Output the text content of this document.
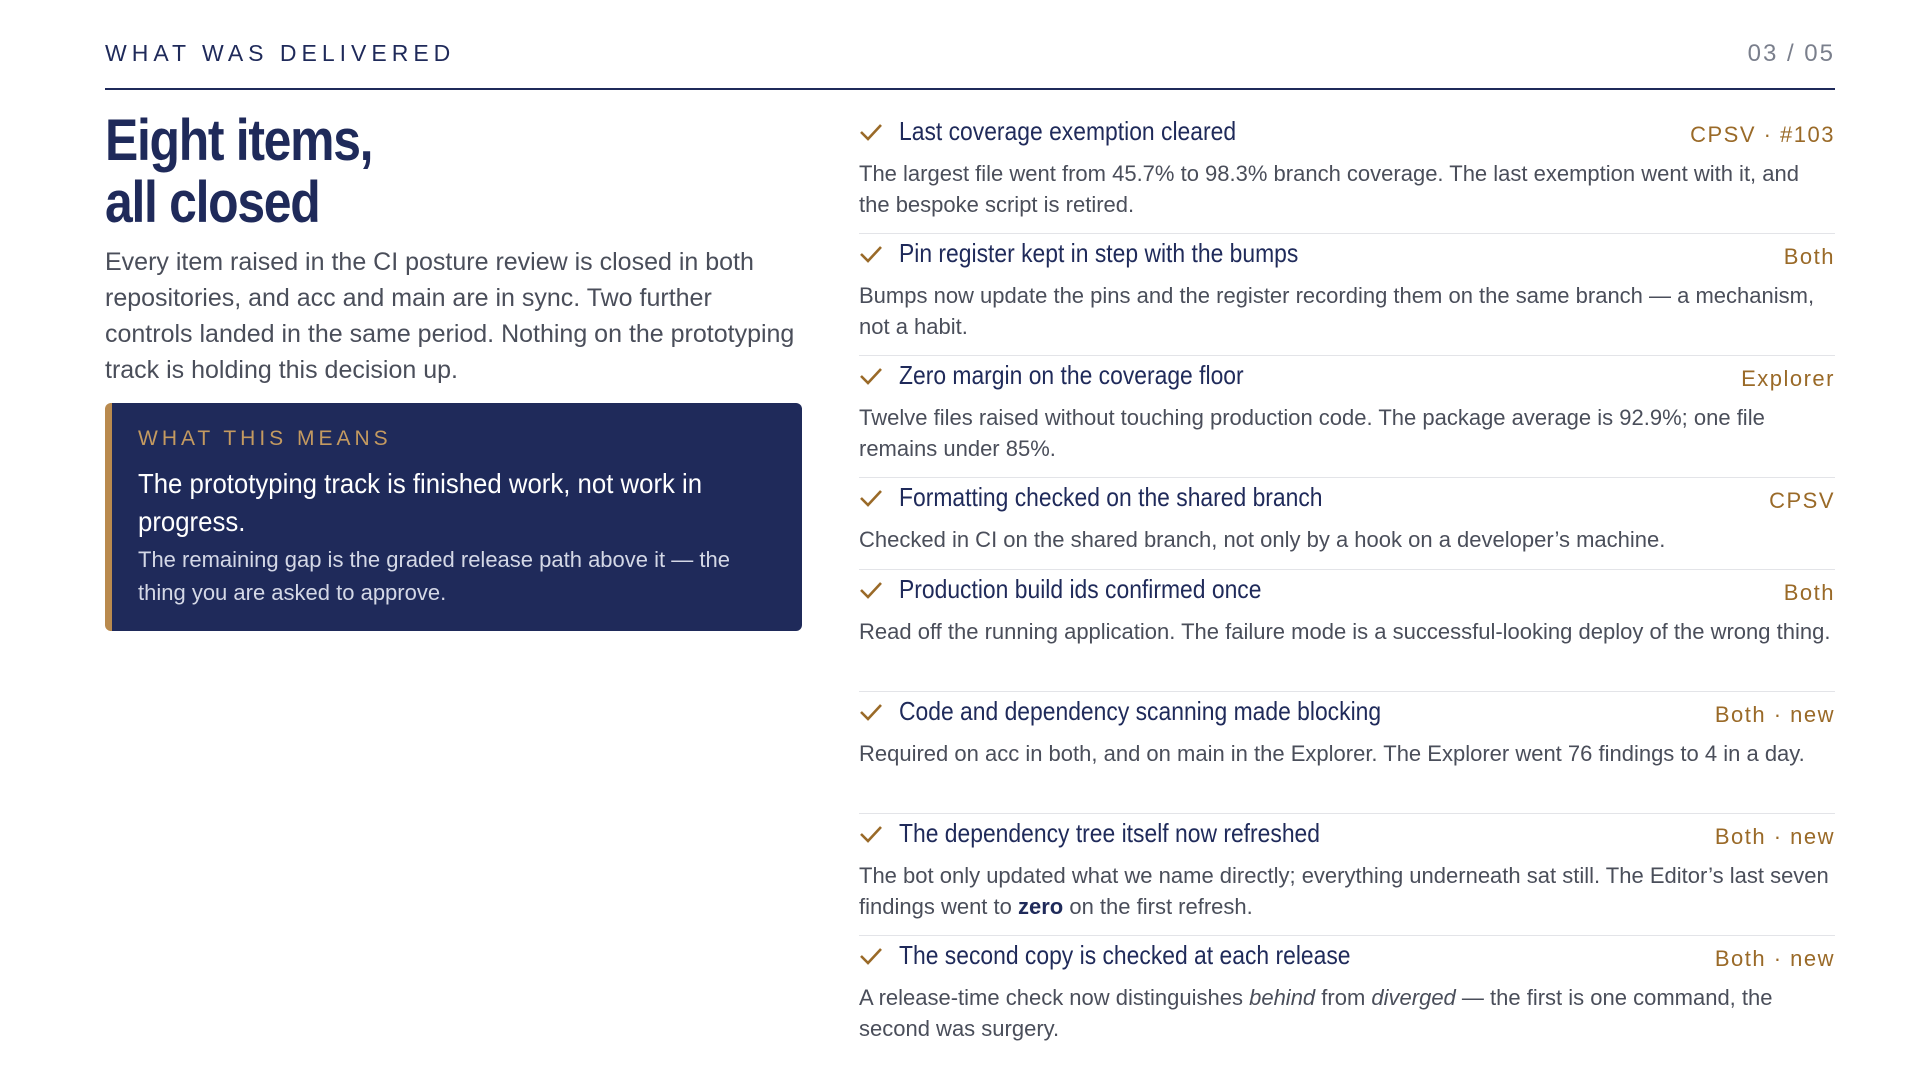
WHAT WAS DELIVERED	03 / 05
Eight items,
all closed
Every item raised in the CI posture review is closed in both repositories, and acc and main are in sync. Two further controls landed in the same period. Nothing on the prototyping track is holding this decision up.
WHAT THIS MEANS
The prototyping track is finished work, not work in progress.
The remaining gap is the graded release path above it — the thing you are asked to approve.
Last coverage exemption cleared	CPSV · #103
The largest file went from 45.7% to 98.3% branch coverage. The last exemption went with it, and the bespoke script is retired.
Pin register kept in step with the bumps	Both
Bumps now update the pins and the register recording them on the same branch — a mechanism, not a habit.
Zero margin on the coverage floor	Explorer
Twelve files raised without touching production code. The package average is 92.9%; one file remains under 85%.
Formatting checked on the shared branch	CPSV
Checked in CI on the shared branch, not only by a hook on a developer’s machine.
Production build ids confirmed once	Both
Read off the running application. The failure mode is a successful-looking deploy of the wrong thing.
Code and dependency scanning made blocking	Both · new
Required on acc in both, and on main in the Explorer. The Explorer went 76 findings to 4 in a day.
The dependency tree itself now refreshed	Both · new
The bot only updated what we name directly; everything underneath sat still. The Editor’s last seven findings went to zero on the first refresh.
The second copy is checked at each release	Both · new
A release-time check now distinguishes behind from diverged — the first is one command, the second was surgery.
